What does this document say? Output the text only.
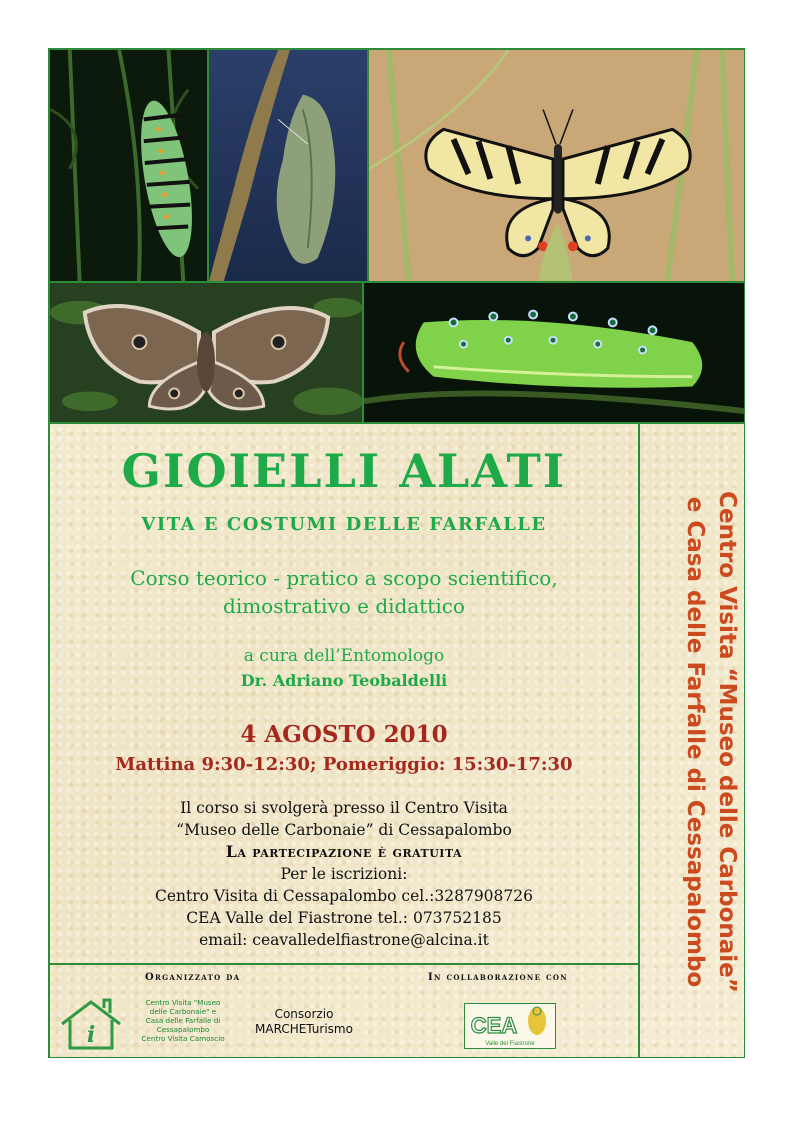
GIOIELLI ALATI
VITA E COSTUMI DELLE FARFALLE
Corso teorico - pratico a scopo scientifico,
dimostrativo e didattico
a cura dell’Entomologo
Dr. Adriano Teobaldelli
4 AGOSTO 2010
Mattina 9:30-12:30; Pomeriggio: 15:30-17:30
Il corso si svolgerà presso il Centro Visita
“Museo delle Carbonaie” di Cessapalombo
La partecipazione è gratuita
Per le iscrizioni:
Centro Visita di Cessapalombo cel.:3287908726
CEA Valle del Fiastrone tel.: 073752185
email: ceavalledelfiastrone@alcina.it	Centro Visita “Museo delle Carbonaie”
e Casa delle Farfalle di Cessapalombo
Organizzato da	In collaborazione con
i
Centro Visita "Museo
delle Carbonaie" e
Casa delle Farfalle di
Cessapalombo
Centro Visita Camoscio
Consorzio
MARCHETurismo	CEA
Valle del Fiastrone
